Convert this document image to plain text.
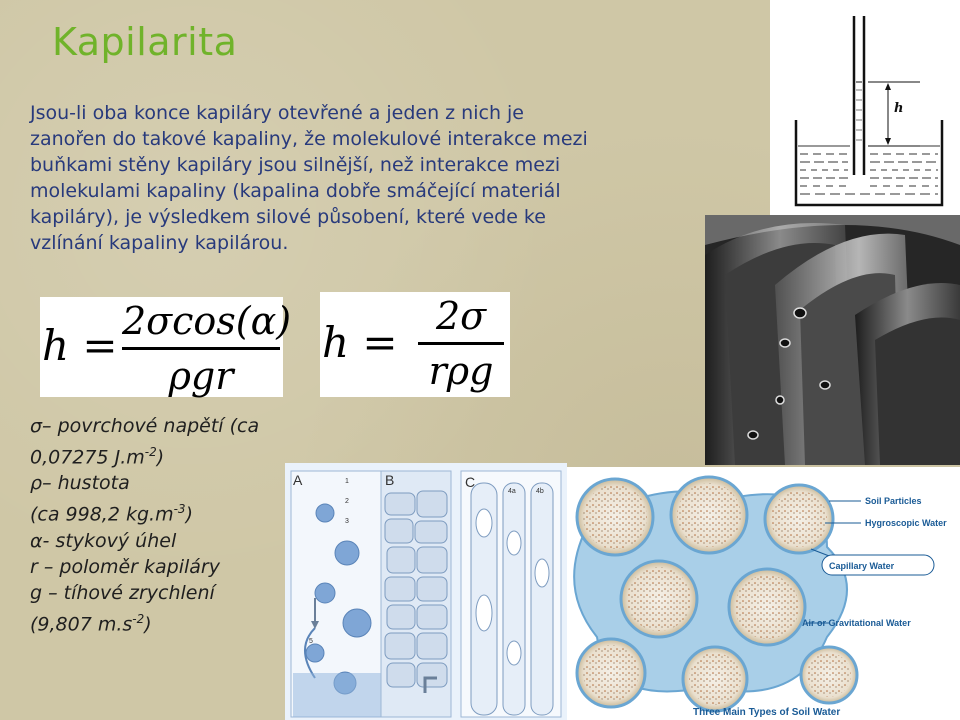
Kapilarita
Jsou-li oba konce kapiláry otevřené a jeden z nich je
zanořen do takové kapaliny, že molekulové interakce mezi
buňkami stěny kapiláry jsou silnější, než interakce mezi
molekulami kapaliny (kapalina dobře smáčející materiál
kapiláry), je výsledkem silové působení, které vede ke
vzlínání kapaliny kapilárou.
h = 2σcos(α)
ρgr
h =
2σ
rρg
σ– povrchové napětí (ca
0,07275 $J.m^{-2}$)
ρ– hustota
(ca 998,2 $kg.m^{-3}$)
α- stykový úhel
r – poloměr kapiláry
g – tíhové zrychlení
(9,807 $m.s^{-2}$)
h
A	1
2
3
5
B	C
4a	4b
Soil Particles
Hygroscopic Water
Capillary Water
Air or Gravitational Water
Three Main Types of Soil Water
